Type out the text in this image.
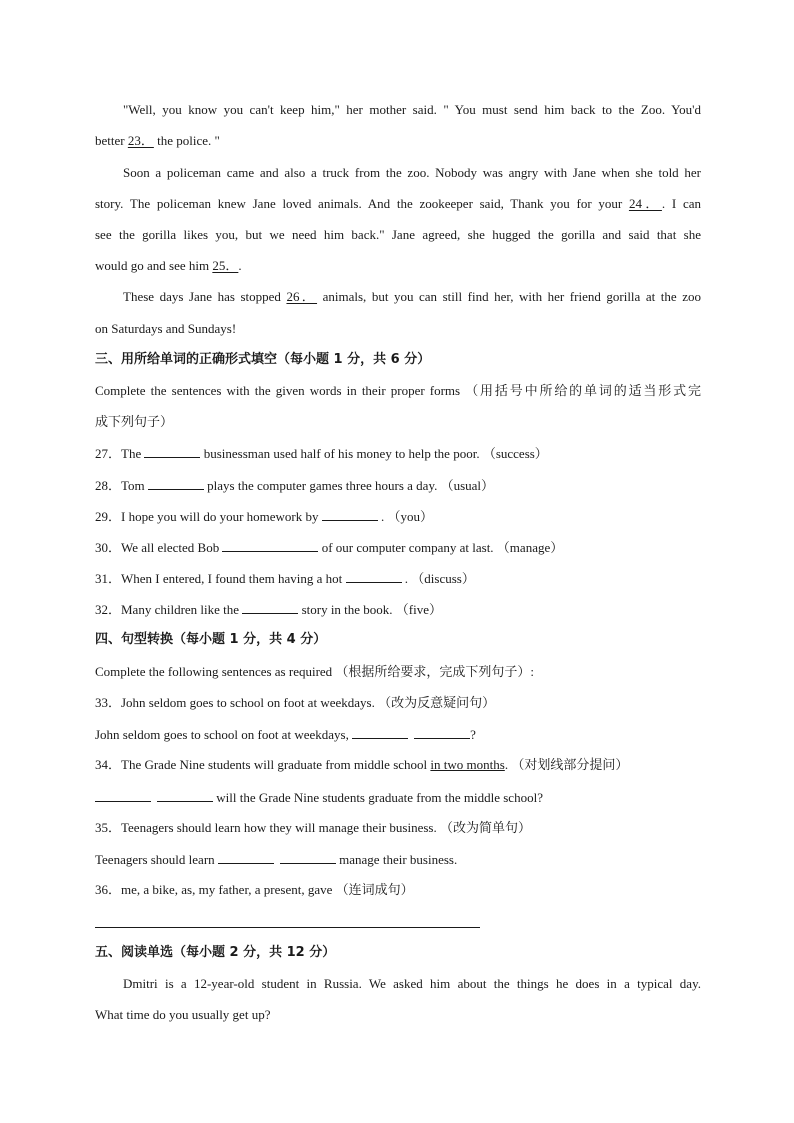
"Well, you know you can't keep him," her mother said. " You must send him back to the Zoo. You'd
better 23． the police. "
Soon a policeman came and also a truck from the zoo. Nobody was angry with Jane when she told her
story. The policeman knew Jane loved animals. And the zookeeper said, Thank you for your 24．. I can
see the gorilla likes you, but we need him back." Jane agreed, she hugged the gorilla and said that she
would go and see him 25．.
These days Jane has stopped 26． animals, but you can still find her, with her friend gorilla at the zoo
on Saturdays and Sundays!
三、用所给单词的正确形式填空（每小题 1 分，共 6 分）
Complete the sentences with the given words in their proper forms （用括号中所给的单词的适当形式完
成下列句子）
27．The	businessman used half of his money to help the poor. （success）
28．Tom	plays the computer games three hours a day. （usual）
29．I hope you will do your homework by	. （you）
30．We all elected Bob	of our computer company at last. （manage）
31．When I entered, I found them having a hot	. （discuss）
32．Many children like the	story in the book. （five）
四、句型转换（每小题 1 分，共 4 分）
Complete the following sentences as required （根据所给要求，完成下列句子）:
33．John seldom goes to school on foot at weekdays. （改为反意疑问句）
John seldom goes to school on foot at weekdays,	?
34．The Grade Nine students will graduate from middle school in two months. （对划线部分提问）
will the Grade Nine students graduate from the middle school?
35．Teenagers should learn how they will manage their business. （改为简单句）
Teenagers should learn	manage their business.
36．me, a bike, as, my father, a present, gave （连词成句）
五、阅读单选（每小题 2 分，共 12 分）
Dmitri is a 12-year-old student in Russia. We asked him about the things he does in a typical day.
What time do you usually get up?
